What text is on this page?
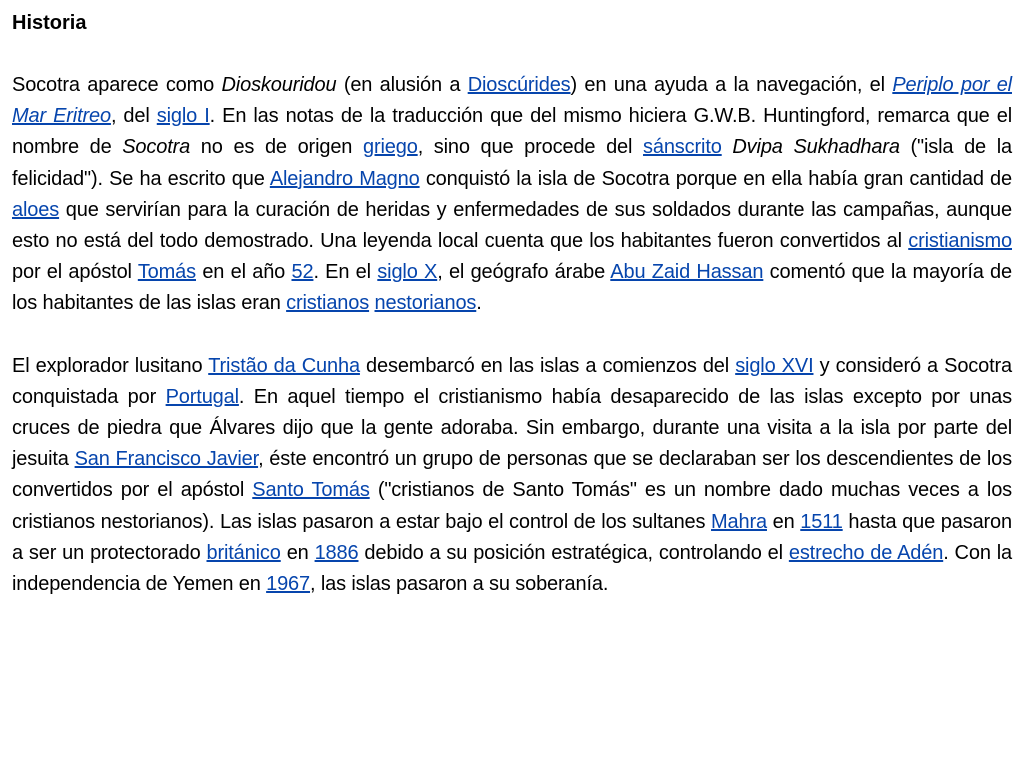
Historia

Socotra aparece como Dioskouridou (en alusión a Dioscúrides) en una ayuda a la navegación, el Periplo por el Mar Eritreo, del siglo I. En las notas de la traducción que del mismo hiciera G.W.B. Huntingford, remarca que el nombre de Socotra no es de origen griego, sino que procede del sánscrito Dvipa Sukhadhara ("isla de la felicidad"). Se ha escrito que Alejandro Magno conquistó la isla de Socotra porque en ella había gran cantidad de aloes que servirían para la curación de heridas y enfermedades de sus soldados durante las campañas, aunque esto no está del todo demostrado. Una leyenda local cuenta que los habitantes fueron convertidos al cristianismo por el apóstol Tomás en el año 52. En el siglo X, el geógrafo árabe Abu Zaid Hassan comentó que la mayoría de los habitantes de las islas eran cristianos nestorianos.

El explorador lusitano Tristão da Cunha desembarcó en las islas a comienzos del siglo XVI y consideró a Socotra conquistada por Portugal. En aquel tiempo el cristianismo había desaparecido de las islas excepto por unas cruces de piedra que Álvares dijo que la gente adoraba. Sin embargo, durante una visita a la isla por parte del jesuita San Francisco Javier, éste encontró un grupo de personas que se declaraban ser los descendientes de los convertidos por el apóstol Santo Tomás ("cristianos de Santo Tomás" es un nombre dado muchas veces a los cristianos nestorianos). Las islas pasaron a estar bajo el control de los sultanes Mahra en 1511 hasta que pasaron a ser un protectorado británico en 1886 debido a su posición estratégica, controlando el estrecho de Adén. Con la independencia de Yemen en 1967, las islas pasaron a su soberanía.
